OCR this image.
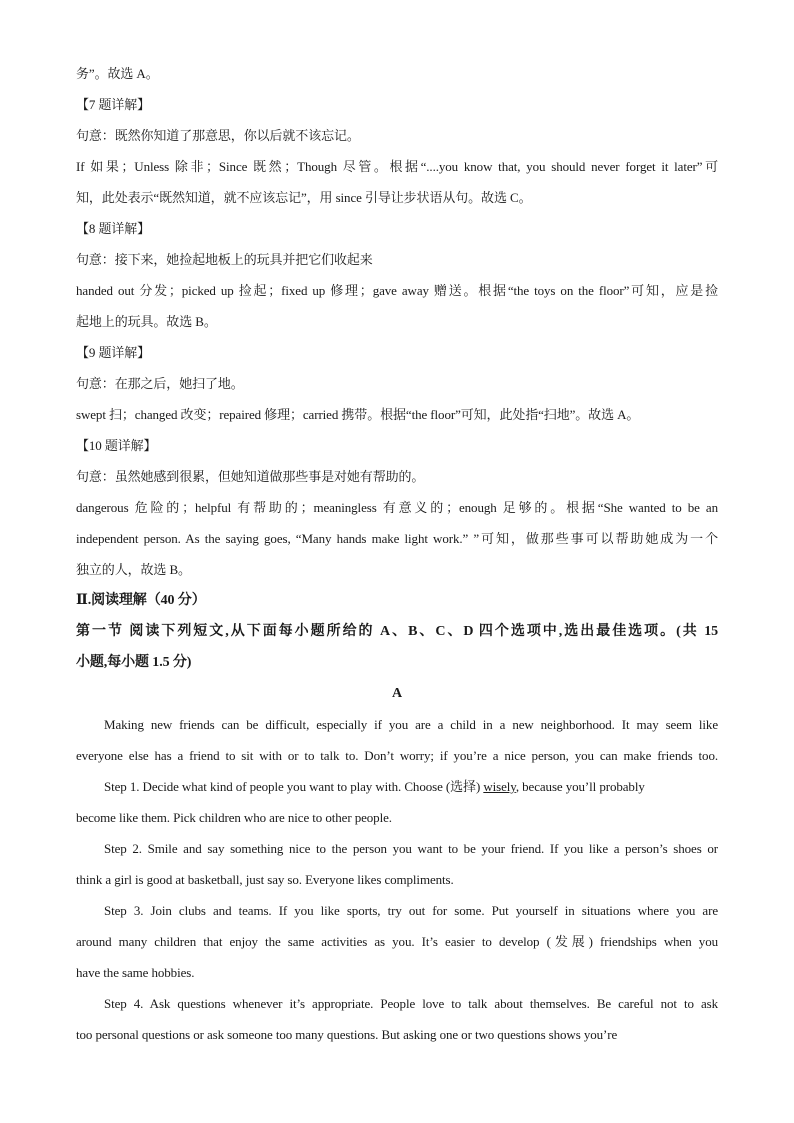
务”。故选 A。
【7 题详解】
句意：既然你知道了那意思，你以后就不该忘记。
If 如果；Unless 除非；Since 既然；Though 尽管。根据“....you know that, you should never forget it later”可
知，此处表示“既然知道，就不应该忘记”，用 since 引导让步状语从句。故选 C。
【8 题详解】
句意：接下来，她捡起地板上的玩具并把它们收起来
handed out 分发；picked up 捡起；fixed up 修理；gave away 赠送。根据“the toys on the floor”可知，应是捡
起地上的玩具。故选 B。
【9 题详解】
句意：在那之后，她扫了地。
swept 扫；changed 改变；repaired 修理；carried 携带。根据“the floor”可知，此处指“扫地”。故选 A。
【10 题详解】
句意：虽然她感到很累，但她知道做那些事是对她有帮助的。
dangerous 危险的；helpful 有帮助的；meaningless 有意义的；enough 足够的。根据“She wanted to be an
independent person. As the saying goes, “Many hands make light work.” ”可知，做那些事可以帮助她成为一个
独立的人，故选 B。
Ⅱ.阅读理解（40 分）
第一节 阅读下列短文,从下面每小题所给的 A、B、C、D 四个选项中,选出最佳选项。(共 15
小题,每小题 1.5 分)
A
Making new friends can be difficult, especially if you are a child in a new neighborhood. It may seem like
everyone else has a friend to sit with or to talk to. Don’t worry; if you’re a nice person, you can make friends too.
Step 1. Decide what kind of people you want to play with. Choose (选择) wisely, because you’ll probably
become like them. Pick children who are nice to other people.
Step 2. Smile and say something nice to the person you want to be your friend. If you like a person’s shoes or
think a girl is good at basketball, just say so. Everyone likes compliments.
Step 3. Join clubs and teams. If you like sports, try out for some. Put yourself in situations where you are
around many children that enjoy the same activities as you. It’s easier to develop (发展) friendships when you
have the same hobbies.
Step 4. Ask questions whenever it’s appropriate. People love to talk about themselves. Be careful not to ask
too personal questions or ask someone too many questions. But asking one or two questions shows you’re
